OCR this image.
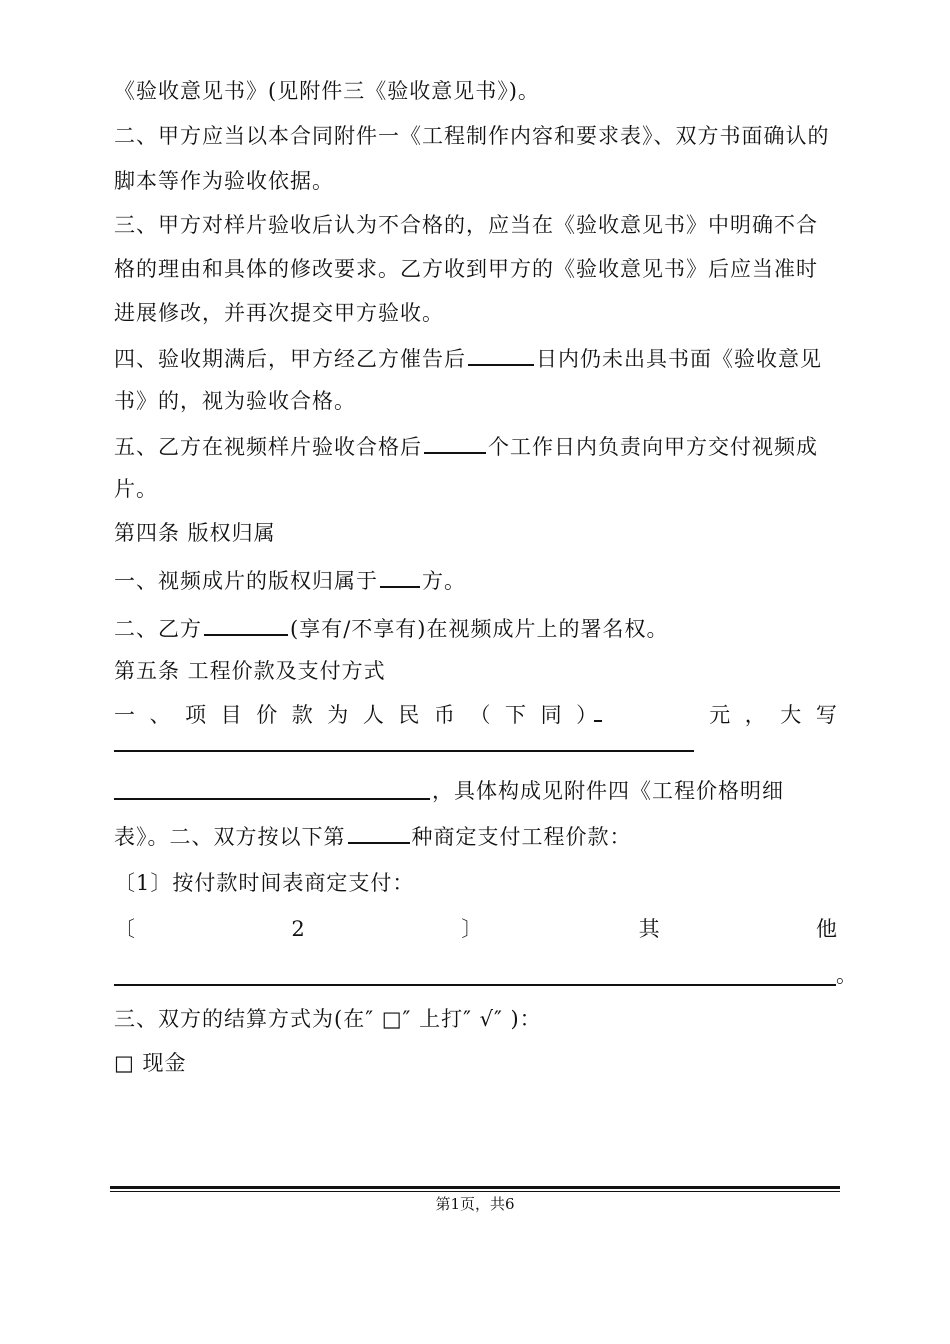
《验收意见书》(见附件三《验收意见书》)。
二、甲方应当以本合同附件一《工程制作内容和要求表》、双方书面确认的
脚本等作为验收依据。
三、甲方对样片验收后认为不合格的，应当在《验收意见书》中明确不合
格的理由和具体的修改要求。乙方收到甲方的《验收意见书》后应当准时
进展修改，并再次提交甲方验收。
四、验收期满后，甲方经乙方催告后	日内仍未出具书面《验收意见
书》的，视为验收合格。
五、乙方在视频样片验收合格后	个工作日内负责向甲方交付视频成
片。
第四条 版权归属
一、视频成片的版权归属于 方。
二、乙方	(享有/不享有)在视频成片上的署名权。
第五条 工程价款及支付方式
一 、 项 目 价 款 为 人 民 币 （ 下 同 ）	元 ， 大 写
，具体构成见附件四《工程价格明细
表》。二、双方按以下第	种商定支付工程价款：
〔1〕按付款时间表商定支付：
〔	2	〕	其	他
。
三、双方的结算方式为(在″ □″ 上打″ √″ )：
□ 现金
第1页，共6
